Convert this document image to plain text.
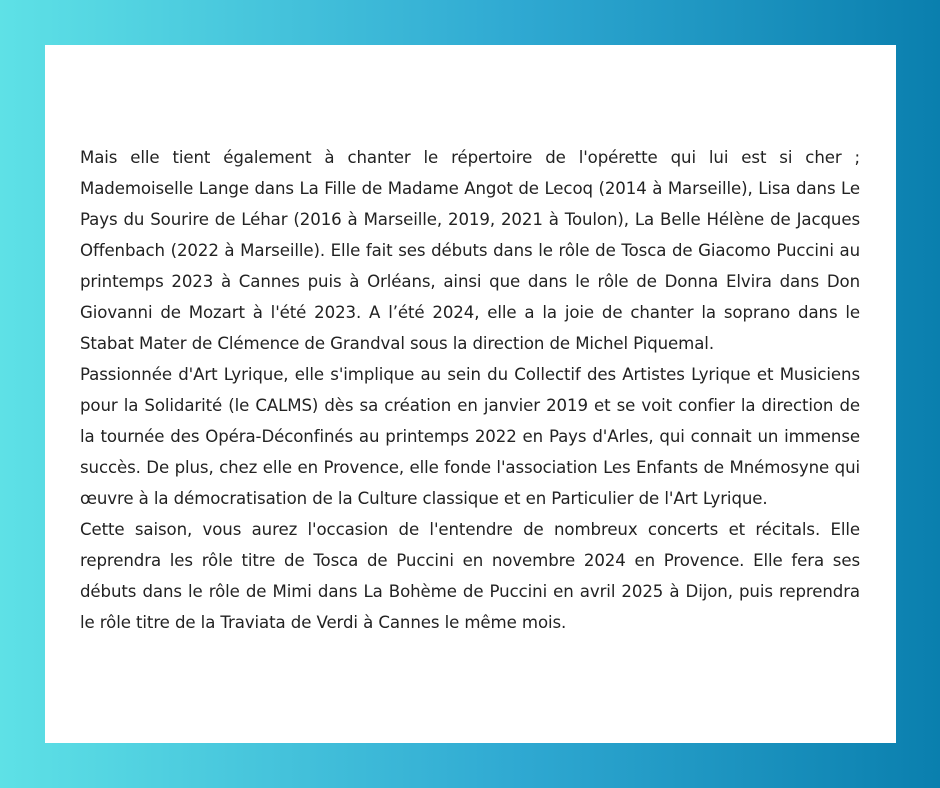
Mais elle tient également à chanter le répertoire de l'opérette qui lui est si cher ; Mademoiselle Lange dans La Fille de Madame Angot de Lecoq (2014 à Marseille), Lisa dans Le Pays du Sourire de Léhar (2016 à Marseille, 2019, 2021 à Toulon), La Belle Hélène de Jacques Offenbach (2022 à Marseille). Elle fait ses débuts dans le rôle de Tosca de Giacomo Puccini au printemps 2023 à Cannes puis à Orléans, ainsi que dans le rôle de Donna Elvira dans Don Giovanni de Mozart à l'été 2023. A l’été 2024, elle a la joie de chanter la soprano dans le Stabat Mater de Clémence de Grandval sous la direction de Michel Piquemal.

Passionnée d'Art Lyrique, elle s'implique au sein du Collectif des Artistes Lyrique et Musiciens pour la Solidarité (le CALMS) dès sa création en janvier 2019 et se voit confier la direction de la tournée des Opéra-Déconfinés au printemps 2022 en Pays d'Arles, qui connait un immense succès. De plus, chez elle en Provence, elle fonde l'association Les Enfants de Mnémosyne qui œuvre à la démocratisation de la Culture classique et en Particulier de l'Art Lyrique.

Cette saison, vous aurez l'occasion de l'entendre de nombreux concerts et récitals. Elle reprendra les rôle titre de Tosca de Puccini en novembre 2024 en Provence. Elle fera ses débuts dans le rôle de Mimi dans La Bohème de Puccini en avril 2025 à Dijon, puis reprendra le rôle titre de la Traviata de Verdi à Cannes le même mois.
